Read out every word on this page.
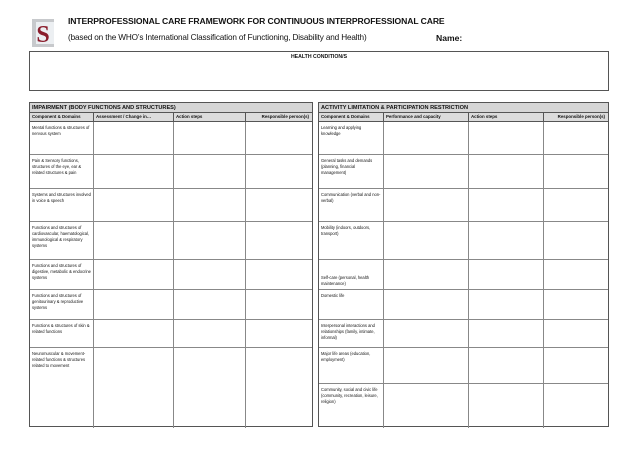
S
INTERPROFESSIONAL CARE FRAMEWORK FOR CONTINUOUS INTERPROFESSIONAL CARE
(based on the WHO’s International Classification of Functioning, Disability and Health)	Name:
HEALTH CONDITION/S
IMPAIRMENT (BODY FUNCTIONS AND STRUCTURES)
Component & Domains	Assessment / Change in…	Action steps	Responsible person(s)
Mental functions & structures of nervous system
Pain & Sensory functions, structures of the eye, ear & related structures & pain
Systems and structures involved in voice & speech
Functions and structures of cardiovascular, haematological, immunological & respiratory systems
Functions and structures of digestive, metabolic & endocrine systems
Functions and structures of genitourinary & reproductive systems
Functions & structures of skin & related functions
Neuromuscular & movement-related functions & structures related to movement
ACTIVITY LIMITATION & PARTICIPATION RESTRICTION
Component & Domains	Performance and capacity	Action steps	Responsible person(s)
Learning and applying knowledge
General tasks and demands (planning, financial management)
Communication (verbal and non-verbal)
Mobility (indoors, outdoors, transport)
Self-care (personal, health maintenance)
Domestic life
Interpersonal interactions and relationships (family, intimate, informal)
Major life areas (education, employment)
Community, social and civic life (community, recreation, leisure, religion)
